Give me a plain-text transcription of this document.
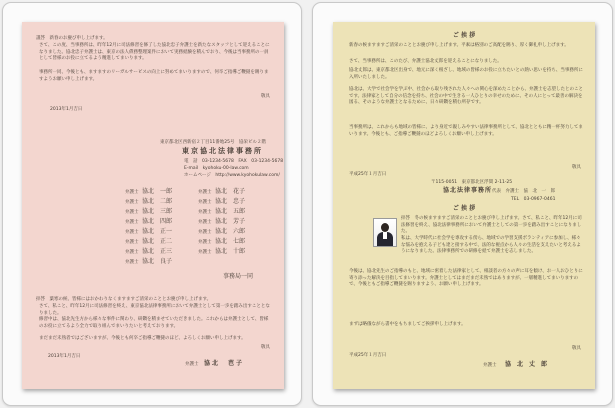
謹啓　新春のお慶び申し上げます。
さて、この度、当事務所は、昨年12月に司法修習を修了した協北忠子弁護士を新たなスタッフとして迎えることになりました。協北忠子弁護士は、東京の法人債務整理案件において実務経験を積んでおり、今後は当事務所の一員として皆様のお役に立てるよう精進してまいります。
事務所一同、今後とも、ますますのリーガルサービスの向上に努めてまいりますので、何卒ご指導ご鞭撻を賜りますようお願い申し上げます。
敬具
2013年1月吉日
東京都北区西新宿２丁目11番地25号　協栄ビル２階
東京協北法律事務所
電　話　03-1234-5678　FAX　03-1234-5678
E-mail　kyohoku-00-law.com
ホームページ　http://www.kyohokulaw.com/
弁護士 協北　一郎	弁護士 協北　花子
弁護士 協北　二郎	弁護士 協北　忠子
弁護士 協北　三郎	弁護士 協北　五郎
弁護士 協北　四郎	弁護士 協北　芳子
弁護士 協北　正一	弁護士 協北　六郎
弁護士 協北　正二	弁護士 協北　七郎
弁護士 協北　正三	弁護士 協北　十郎
弁護士 協北　良子
事務局一同
拝啓　葉寒の候、皆様にはおかわりなくますますご清栄のこととお慶び申し上げます。
さて、私こと、昨年12月に司法修習を終え、東京協北法律事務所において弁護士として第一歩を踏み出すこととなりました。
修習中は、協北先生方から様々な事件に関わり、研鑽を積ませていただきました。これからは弁護士として、皆様のお役に立てるよう全力で取り組んでまいりたいと考えております。
まだまだ未熟者ではございますが、今後とも何卒ご指導ご鞭撻のほど、よろしくお願い申し上げます。
敬具
2013年1月吉日
弁護士 協北　芭子
ご 挨 拶
新春の候ますますご清栄のこととお慶び申し上げます。平素は格別のご高配を賜り、厚く御礼申し上げます。
さて、当事務所は、このたび、弁護士協北丈郎を迎えることになりました。
協北丈郎は、東京都北区出身で、地元に深く根ざし、地域の皆様のお役に立ちたいとの熱い思いを持ち、当事務所に入所いたしました。
協北は、大学で社会学を学ぶ中、社会から取り残された人々への関心を深めたことから、弁護士を志望したとのことです。法律家として自分の信念を持ち、社会の中で生きる一人ひとりの幸せのために、その人にとって最善の解決を図る、そのような弁護士となるために、日々研鑽を積む所存です。
当事務所は、これからも地域の皆様に、より身近で親しみやすい法律事務所として、協北とともに精一杯努力してまいります。今後とも、ご指導ご鞭撻のほどよろしくお願い申し上げます。
敬具
平成25年１月吉日
〒115-0051　東京都北区浮間 2-11-25
協北法律事務所 代表　弁護士　協　北　一　郎
TEL　03-0967-0461
ご 挨 拶
拝啓　冬の候ますますご清栄のこととお慶び申し上げます。さて、私こと、昨年12月に司法修習を終え、協北法律事務所において弁護士としての第一歩を踏み出すことになりました。
私は、大学時代に社会学を専攻する傍ら、地域での学習支援ボランティアに参加し、様々な悩みを抱える子ども達と接する中で、法的な視点から人々の生活を支えたいと考えるようになりました。法律事務所での研修を経て弁護士を志しました。
今後は、協北先生のご指導のもと、地域に密着した法律家として、相談者の方々の声に耳を傾け、お一人おひとりに寄り添った解決を目指してまいります。弁護士としてはまだまだ未熟ではありますが、一層精進してまいりますので、今後ともご指導ご鞭撻を賜りますよう、お願い申し上げます。
まずは略儀ながら書中をもちましてご挨拶申し上げます。
敬具
平成25年１月吉日
弁護士 協　北　丈　郎
